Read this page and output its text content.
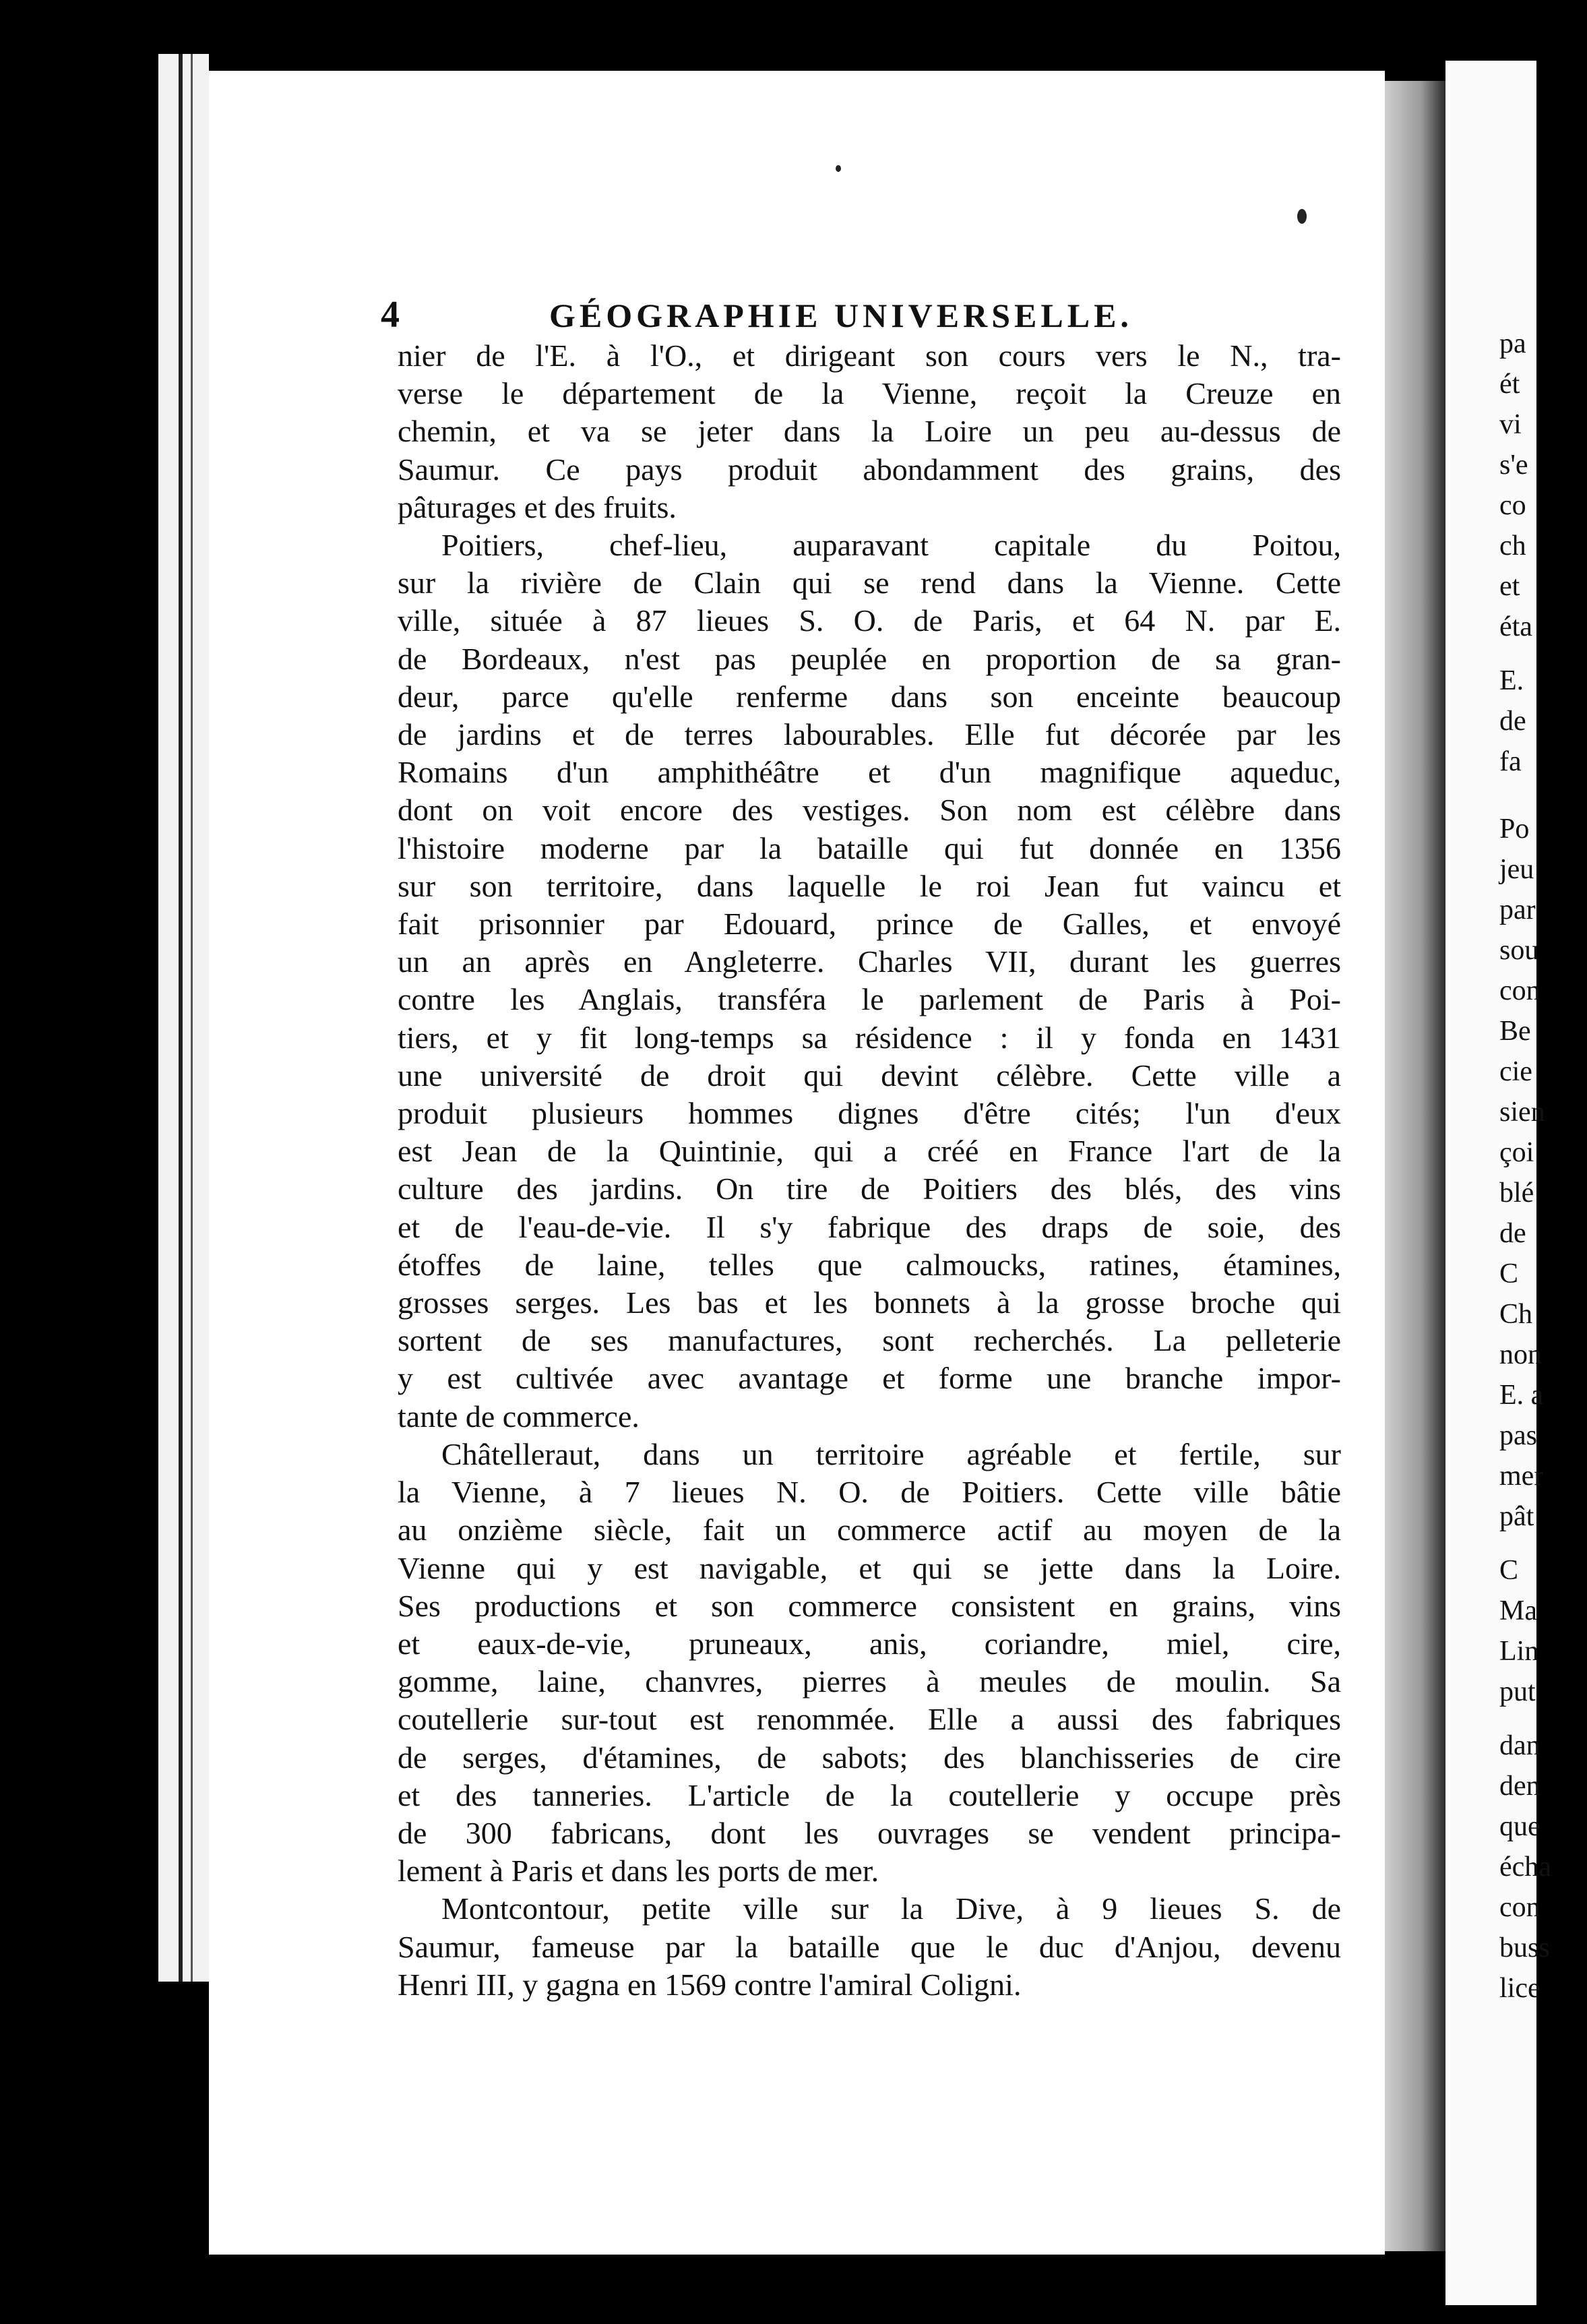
pa
ét
vi
s'e
co
ch
et
éta
E.
de
fa
Po
jeu
par
sou
con
Be
cie
sien
çoi
blé
de
C
Ch
non
E. a
pas
mer
pât
C
Ma
Lin
put
dan
den
que
écha
con
buss
lice
4	GÉOGRAPHIE UNIVERSELLE.
nier de l'E. à l'O., et dirigeant son cours vers le N., tra-
verse le département de la Vienne, reçoit la Creuze en
chemin, et va se jeter dans la Loire un peu au-dessus de
Saumur. Ce pays produit abondamment des grains, des
pâturages et des fruits.
Poitiers, chef-lieu, auparavant capitale du Poitou,
sur la rivière de Clain qui se rend dans la Vienne. Cette
ville, située à 87 lieues S. O. de Paris, et 64 N. par E.
de Bordeaux, n'est pas peuplée en proportion de sa gran-
deur, parce qu'elle renferme dans son enceinte beaucoup
de jardins et de terres labourables. Elle fut décorée par les
Romains d'un amphithéâtre et d'un magnifique aqueduc,
dont on voit encore des vestiges. Son nom est célèbre dans
l'histoire moderne par la bataille qui fut donnée en 1356
sur son territoire, dans laquelle le roi Jean fut vaincu et
fait prisonnier par Edouard, prince de Galles, et envoyé
un an après en Angleterre. Charles VII, durant les guerres
contre les Anglais, transféra le parlement de Paris à Poi-
tiers, et y fit long-temps sa résidence : il y fonda en 1431
une université de droit qui devint célèbre. Cette ville a
produit plusieurs hommes dignes d'être cités; l'un d'eux
est Jean de la Quintinie, qui a créé en France l'art de la
culture des jardins. On tire de Poitiers des blés, des vins
et de l'eau-de-vie. Il s'y fabrique des draps de soie, des
étoffes de laine, telles que calmoucks, ratines, étamines,
grosses serges. Les bas et les bonnets à la grosse broche qui
sortent de ses manufactures, sont recherchés. La pelleterie
y est cultivée avec avantage et forme une branche impor-
tante de commerce.
Châtelleraut, dans un territoire agréable et fertile, sur
la Vienne, à 7 lieues N. O. de Poitiers. Cette ville bâtie
au onzième siècle, fait un commerce actif au moyen de la
Vienne qui y est navigable, et qui se jette dans la Loire.
Ses productions et son commerce consistent en grains, vins
et eaux-de-vie, pruneaux, anis, coriandre, miel, cire,
gomme, laine, chanvres, pierres à meules de moulin. Sa
coutellerie sur-tout est renommée. Elle a aussi des fabriques
de serges, d'étamines, de sabots; des blanchisseries de cire
et des tanneries. L'article de la coutellerie y occupe près
de 300 fabricans, dont les ouvrages se vendent principa-
lement à Paris et dans les ports de mer.
Montcontour, petite ville sur la Dive, à 9 lieues S. de
Saumur, fameuse par la bataille que le duc d'Anjou, devenu
Henri III, y gagna en 1569 contre l'amiral Coligni.
